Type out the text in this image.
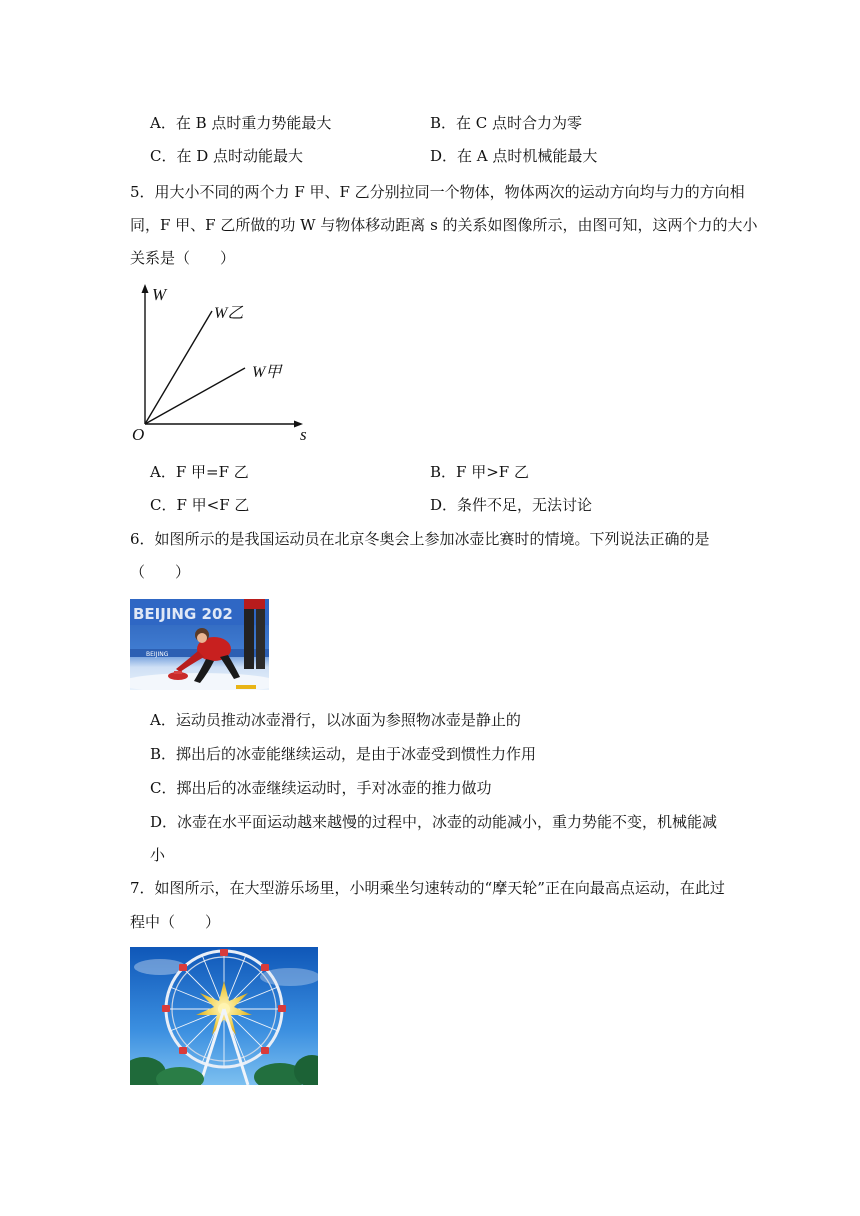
A．在 B 点时重力势能最大	B．在 C 点时合力为零
C．在 D 点时动能最大	D．在 A 点时机械能最大
5．用大小不同的两个力 F 甲、F 乙分别拉同一个物体，物体两次的运动方向均与力的方向相
同，F 甲、F 乙所做的功 W 与物体移动距离 s 的关系如图像所示，由图可知，这两个力的大小
关系是（　　）
W
s
O
W乙
W甲
A．F 甲=F 乙	B．F 甲>F 乙
C．F 甲<F 乙	D．条件不足，无法讨论
6．如图所示的是我国运动员在北京冬奥会上参加冰壶比赛时的情境。下列说法正确的是
（　　）
BEIJING 202
BEIJING
A．运动员推动冰壶滑行，以冰面为参照物冰壶是静止的
B．掷出后的冰壶能继续运动，是由于冰壶受到惯性力作用
C．掷出后的冰壶继续运动时，手对冰壶的推力做功
D．冰壶在水平面运动越来越慢的过程中，冰壶的动能减小，重力势能不变，机械能减
小
7．如图所示，在大型游乐场里，小明乘坐匀速转动的“摩天轮”正在向最高点运动，在此过
程中（　　）
